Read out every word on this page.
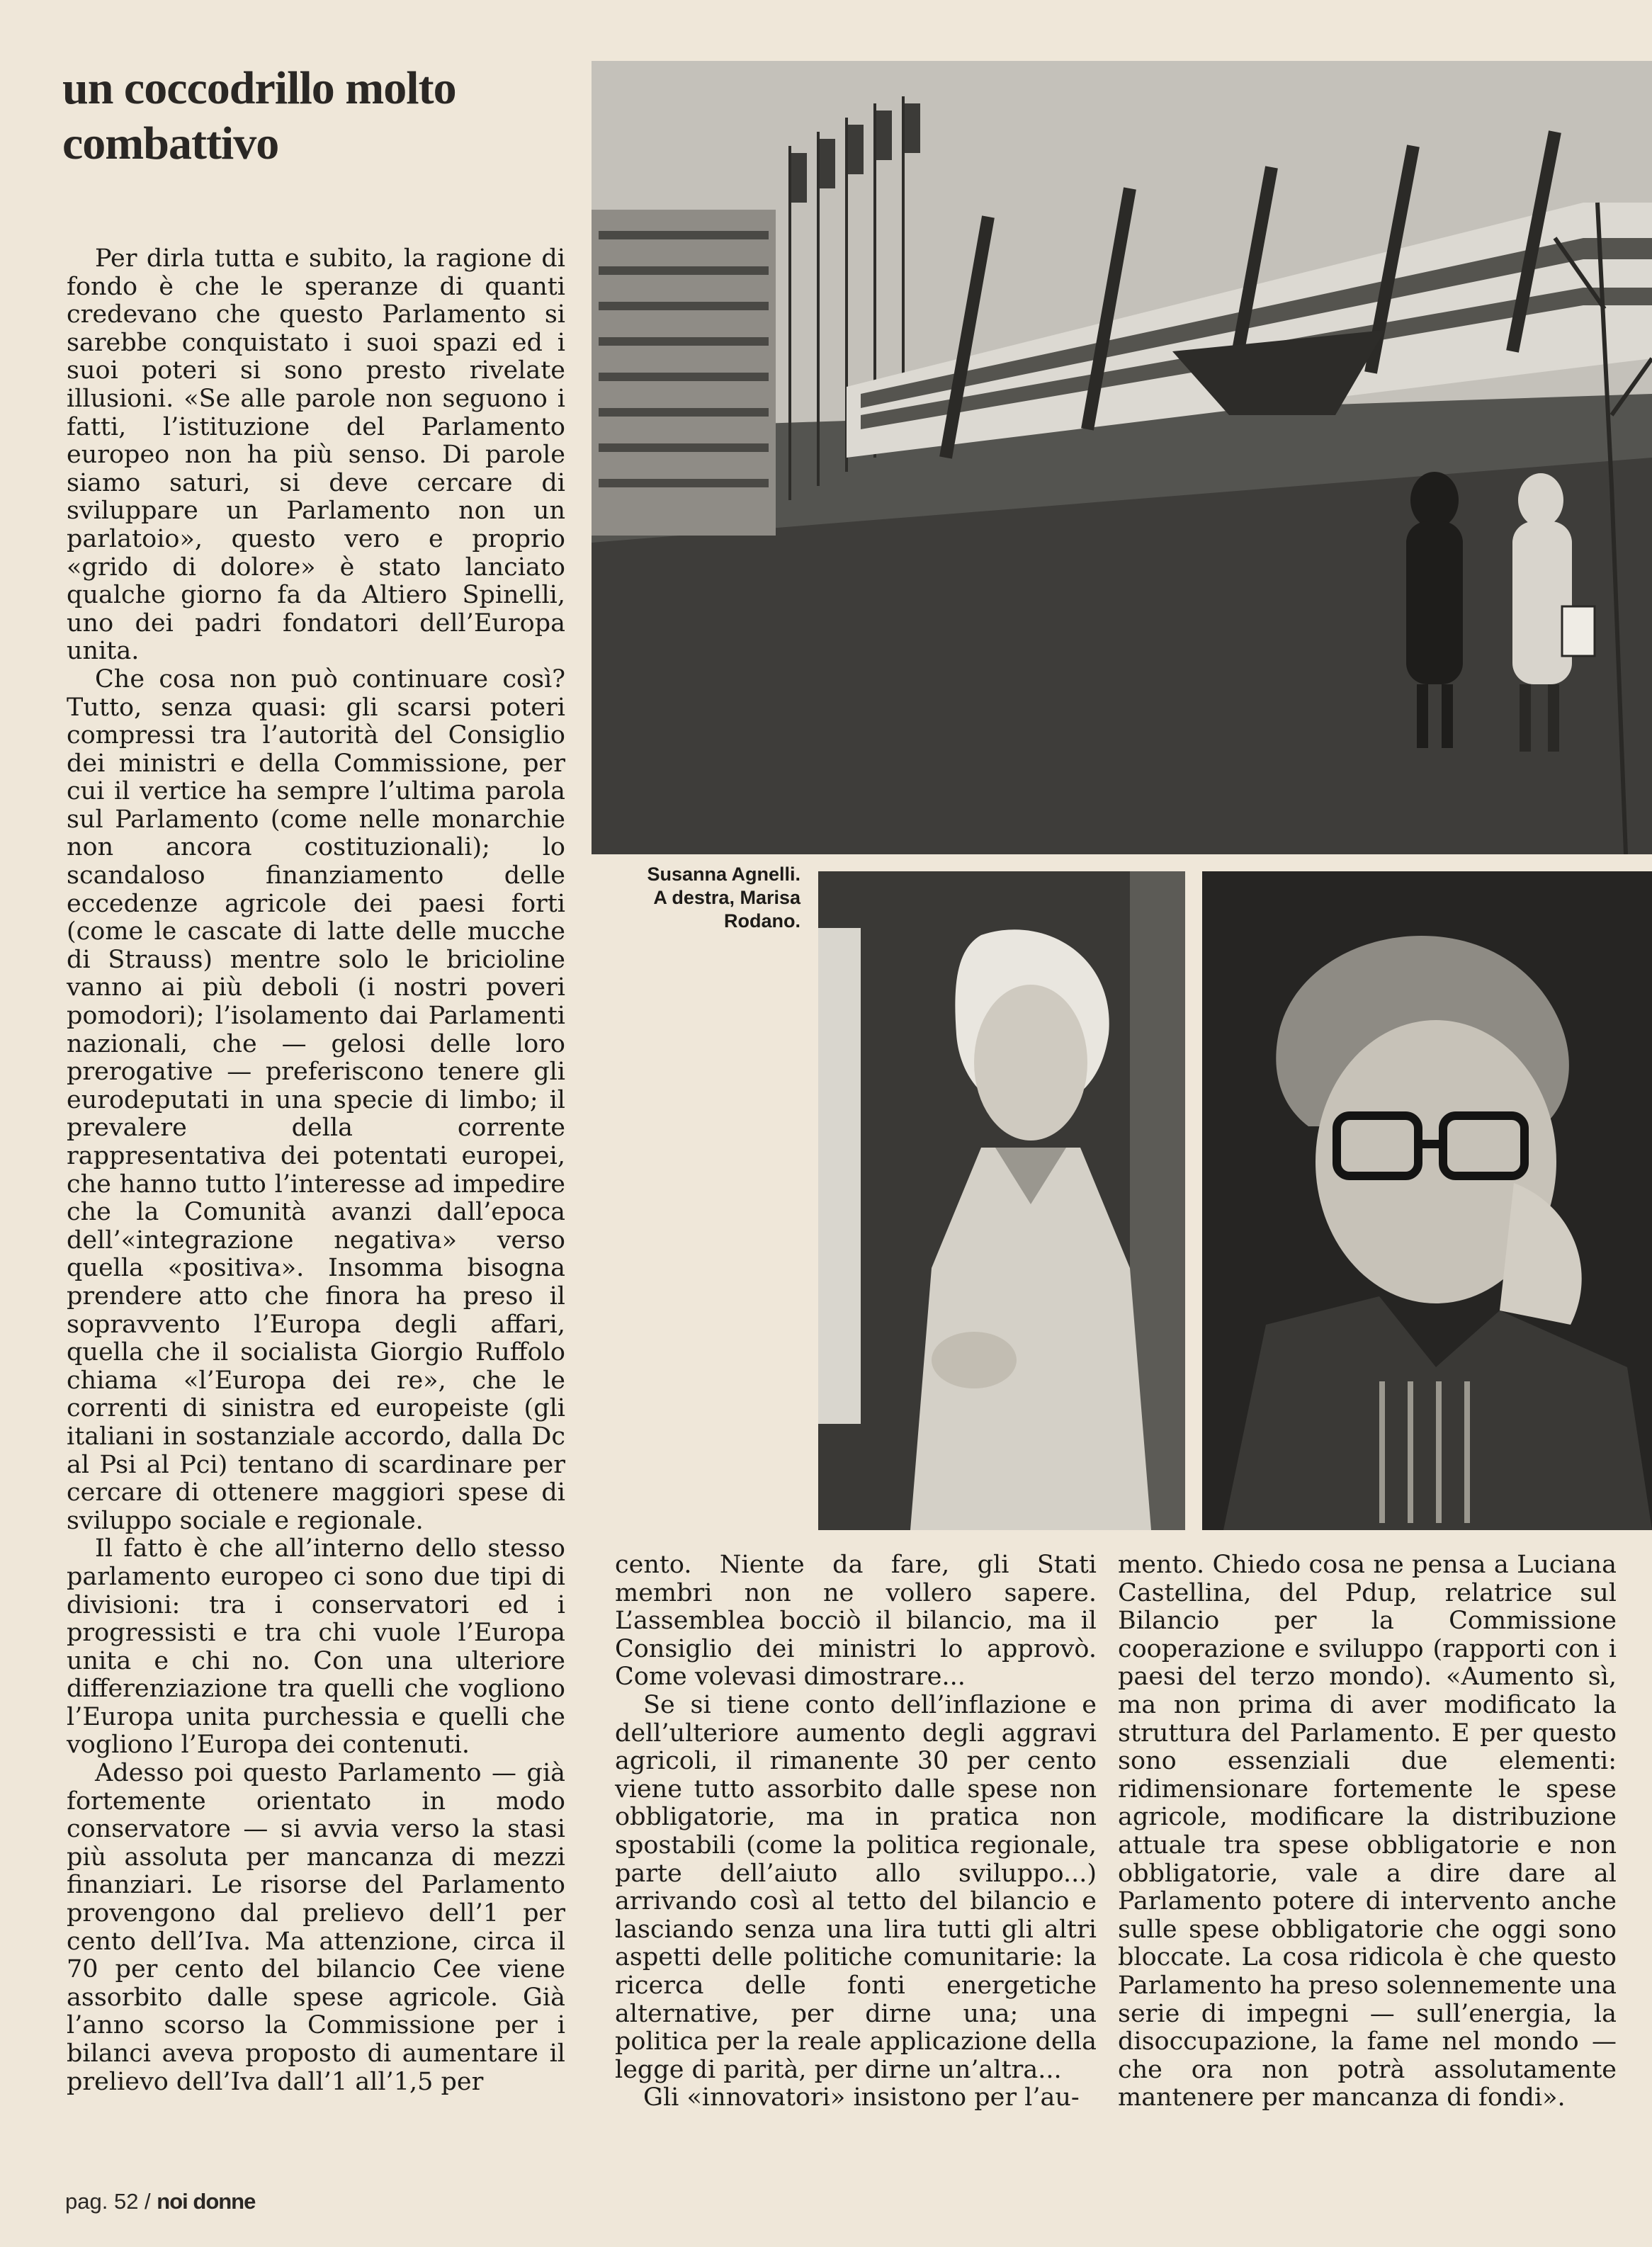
un coccodrillo molto combattivo

Per dirla tutta e subito, la ragione di fondo è che le speranze di quanti credevano che questo Parlamento si sarebbe conquistato i suoi spazi ed i suoi poteri si sono presto rivelate illusioni. «Se alle parole non seguono i fatti, l’istituzione del Parlamento europeo non ha più senso. Di parole siamo saturi, si deve cercare di sviluppare un Parlamento non un parlatoio», questo vero e proprio «grido di dolore» è stato lanciato qualche giorno fa da Altiero Spinelli, uno dei padri fondatori dell’Europa unita.

Che cosa non può continuare così? Tutto, senza quasi: gli scarsi poteri compressi tra l’autorità del Consiglio dei ministri e della Commissione, per cui il vertice ha sempre l’ultima parola sul Parlamento (come nelle monarchie non ancora costituzionali); lo scandaloso finanziamento delle eccedenze agricole dei paesi forti (come le cascate di latte delle mucche di Strauss) mentre solo le bricioline vanno ai più deboli (i nostri poveri pomodori); l’isolamento dai Parlamenti nazionali, che — gelosi delle loro prerogative — preferiscono tenere gli eurodeputati in una specie di limbo; il prevalere della corrente rappresentativa dei potentati europei, che hanno tutto l’interesse ad impedire che la Comunità avanzi dall’epoca dell’«integrazione negativa» verso quella «positiva». Insomma bisogna prendere atto che finora ha preso il sopravvento l’Europa degli affari, quella che il socialista Giorgio Ruffolo chiama «l’Europa dei re», che le correnti di sinistra ed europeiste (gli italiani in sostanziale accordo, dalla Dc al Psi al Pci) tentano di scardinare per cercare di ottenere maggiori spese di sviluppo sociale e regionale.

Il fatto è che all’interno dello stesso parlamento europeo ci sono due tipi di divisioni: tra i conservatori ed i progressisti e tra chi vuole l’Europa unita e chi no. Con una ulteriore differenziazione tra quelli che vogliono l’Europa unita purchessia e quelli che vogliono l’Europa dei contenuti.

Adesso poi questo Parlamento — già fortemente orientato in modo conservatore — si avvia verso la stasi più assoluta per mancanza di mezzi finanziari. Le risorse del Parlamento provengono dal prelievo dell’1 per cento dell’Iva. Ma attenzione, circa il 70 per cento del bilancio Cee viene assorbito dalle spese agricole. Già l’anno scorso la Commissione per i bilanci aveva proposto di aumentare il prelievo dell’Iva dall’1 all’1,5 per

Susanna Agnelli.
A destra, Marisa
Rodano.

cento. Niente da fare, gli Stati membri non ne vollero sapere. L’assemblea bocciò il bilancio, ma il Consiglio dei ministri lo approvò. Come volevasi dimostrare...

Se si tiene conto dell’inflazione e dell’ulteriore aumento degli aggravi agricoli, il rimanente 30 per cento viene tutto assorbito dalle spese non obbligatorie, ma in pratica non spostabili (come la politica regionale, parte dell’aiuto allo sviluppo...) arrivando così al tetto del bilancio e lasciando senza una lira tutti gli altri aspetti delle politiche comunitarie: la ricerca delle fonti energetiche alternative, per dirne una; una politica per la reale applicazione della legge di parità, per dirne un’altra...

Gli «innovatori» insistono per l’au-

mento. Chiedo cosa ne pensa a Luciana Castellina, del Pdup, relatrice sul Bilancio per la Commissione cooperazione e sviluppo (rapporti con i paesi del terzo mondo). «Aumento sì, ma non prima di aver modificato la struttura del Parlamento. E per questo sono essenziali due elementi: ridimensionare fortemente le spese agricole, modificare la distribuzione attuale tra spese obbligatorie e non obbligatorie, vale a dire dare al Parlamento potere di intervento anche sulle spese obbligatorie che oggi sono bloccate. La cosa ridicola è che questo Parlamento ha preso solennemente una serie di impegni — sull’energia, la disoccupazione, la fame nel mondo — che ora non potrà assolutamente mantenere per mancanza di fondi».

pag. 52 / noi donne
